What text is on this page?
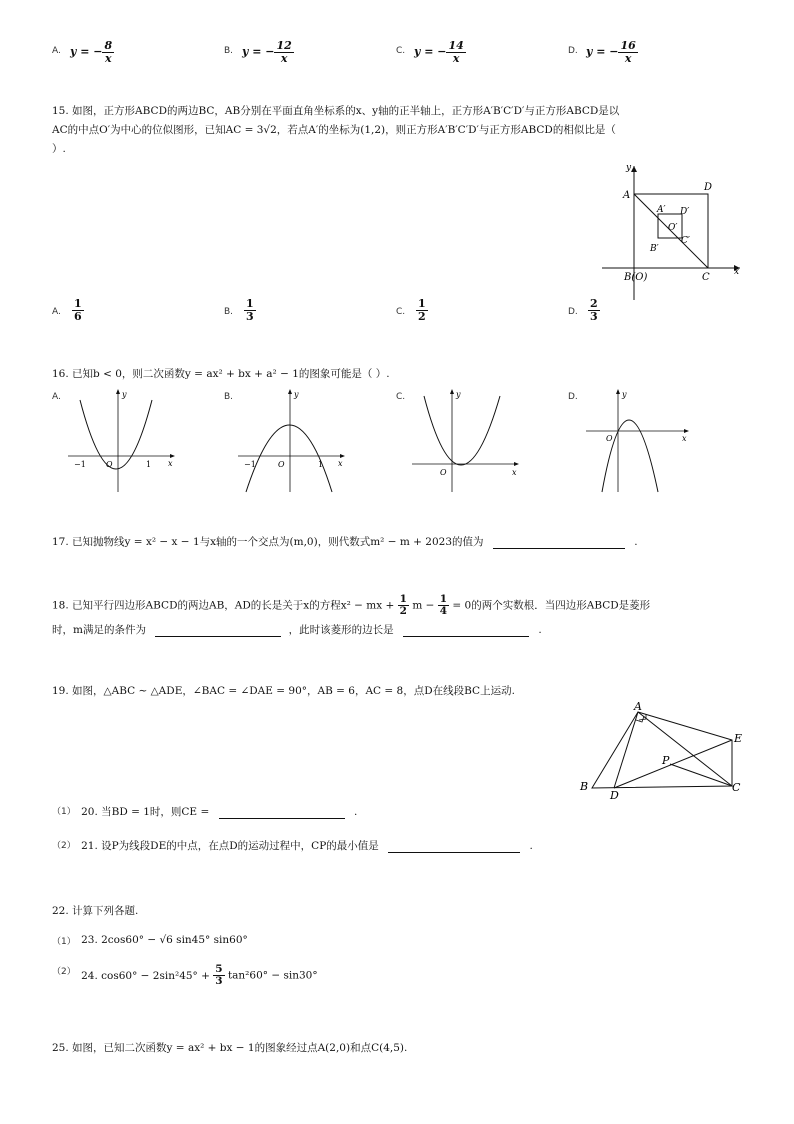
A. y = − $\frac{8}{x}$	B. y = − $\frac{12}{x}$	C. y = − $\frac{14}{x}$	D. y = − $\frac{16}{x}$
15. 如图，正方形ABCD的两边BC，AB分别在平面直角坐标系的x、y轴的正半轴上，正方形A′B′C′D′与正方形ABCD是以
AC的中点O′为中心的位似图形，已知AC = 3√2，若点A′的坐标为(1,2)，则正方形A′B′C′D′与正方形ABCD的相似比是（
）.
y
x
A
D
A′ D′
O′
C′
B′
B(O)	C
A. $\frac{1}{6}$	B. $\frac{1}{3}$	C. $\frac{1}{2}$	D. $\frac{2}{3}$
16. 已知b < 0，则二次函数y = ax² + bx + a² − 1的图象可能是（ ）.
A.	B.	C.	D.
y
x
O
−1	1
y
x
O
−1	1
y
x
O
y
x
O
17. 已知抛物线y = x² − x − 1与x轴的一个交点为(m,0)，则代数式m² − m + 2023的值为	.
18. 已知平行四边形ABCD的两边AB，AD的长是关于x的方程x² − mx + $\frac{1}{2}$ $m - \frac{1}{4} = 0$的两个实数根．当四边形ABCD是菱形
时，m满足的条件为	，此时该菱形的边长是	.
19. 如图，△ABC ∼ △ADE，∠BAC = ∠DAE = 90°，AB = 6，AC = 8，点D在线段BC上运动.
A
E
P
B
D
C
（1） 20. 当BD = 1时，则CE =	.
（2） 21. 设P为线段DE的中点，在点D的运动过程中，CP的最小值是	.
22. 计算下列各题.
（1） 23. 2cos60° − √6 sin45° sin60°
（2） 24. $\cos 60^\circ - 2\sin^245^\circ + \frac{5}{3} \tan^260^\circ - \sin 30^\circ$
25. 如图，已知二次函数y = ax² + bx − 1的图象经过点A(2,0)和点C(4,5).
